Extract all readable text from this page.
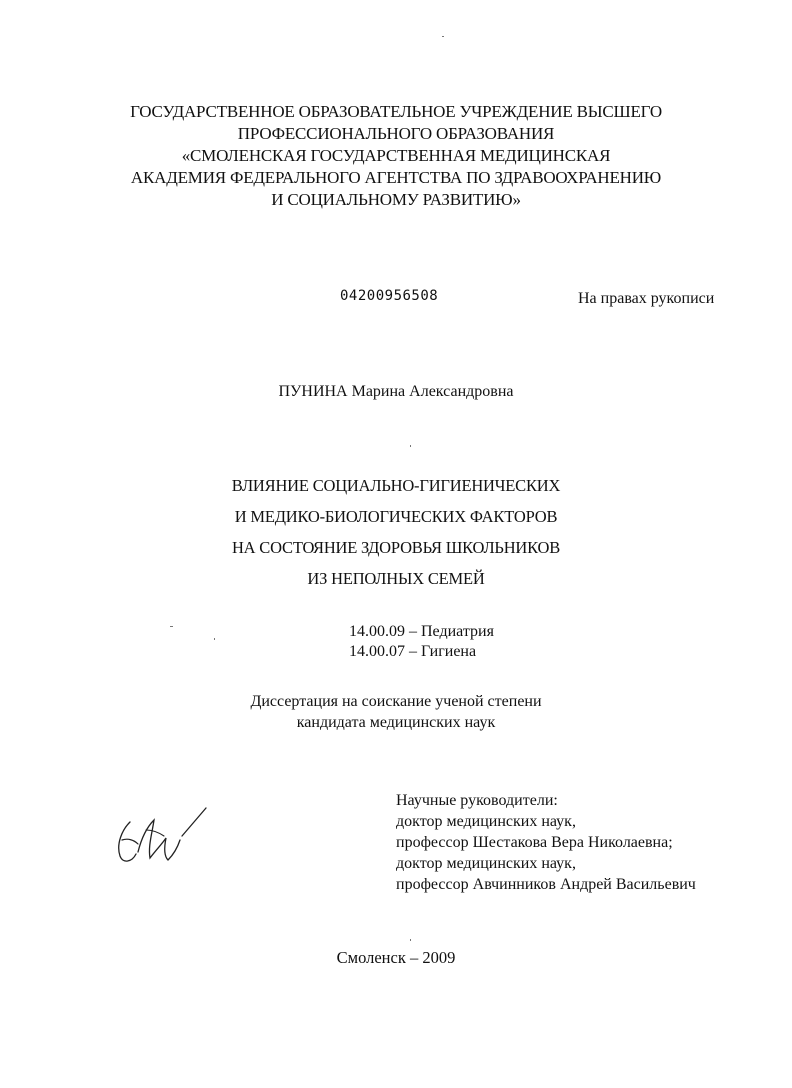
ГОСУДАРСТВЕННОЕ ОБРАЗОВАТЕЛЬНОЕ УЧРЕЖДЕНИЕ ВЫСШЕГО
ПРОФЕССИОНАЛЬНОГО ОБРАЗОВАНИЯ
«СМОЛЕНСКАЯ ГОСУДАРСТВЕННАЯ МЕДИЦИНСКАЯ
АКАДЕМИЯ ФЕДЕРАЛЬНОГО АГЕНТСТВА ПО ЗДРАВООХРАНЕНИЮ
И СОЦИАЛЬНОМУ РАЗВИТИЮ»
04200956508	На правах рукописи
ПУНИНА Марина Александровна
ВЛИЯНИЕ СОЦИАЛЬНО-ГИГИЕНИЧЕСКИХ
И МЕДИКО-БИОЛОГИЧЕСКИХ ФАКТОРОВ
НА СОСТОЯНИЕ ЗДОРОВЬЯ ШКОЛЬНИКОВ
ИЗ НЕПОЛНЫХ СЕМЕЙ
14.00.09 – Педиатрия
14.00.07 – Гигиена
Диссертация на соискание ученой степени
кандидата медицинских наук
Научные руководители:
доктор медицинских наук,
профессор Шестакова Вера Николаевна;
доктор медицинских наук,
профессор Авчинников Андрей Васильевич
Смоленск – 2009
